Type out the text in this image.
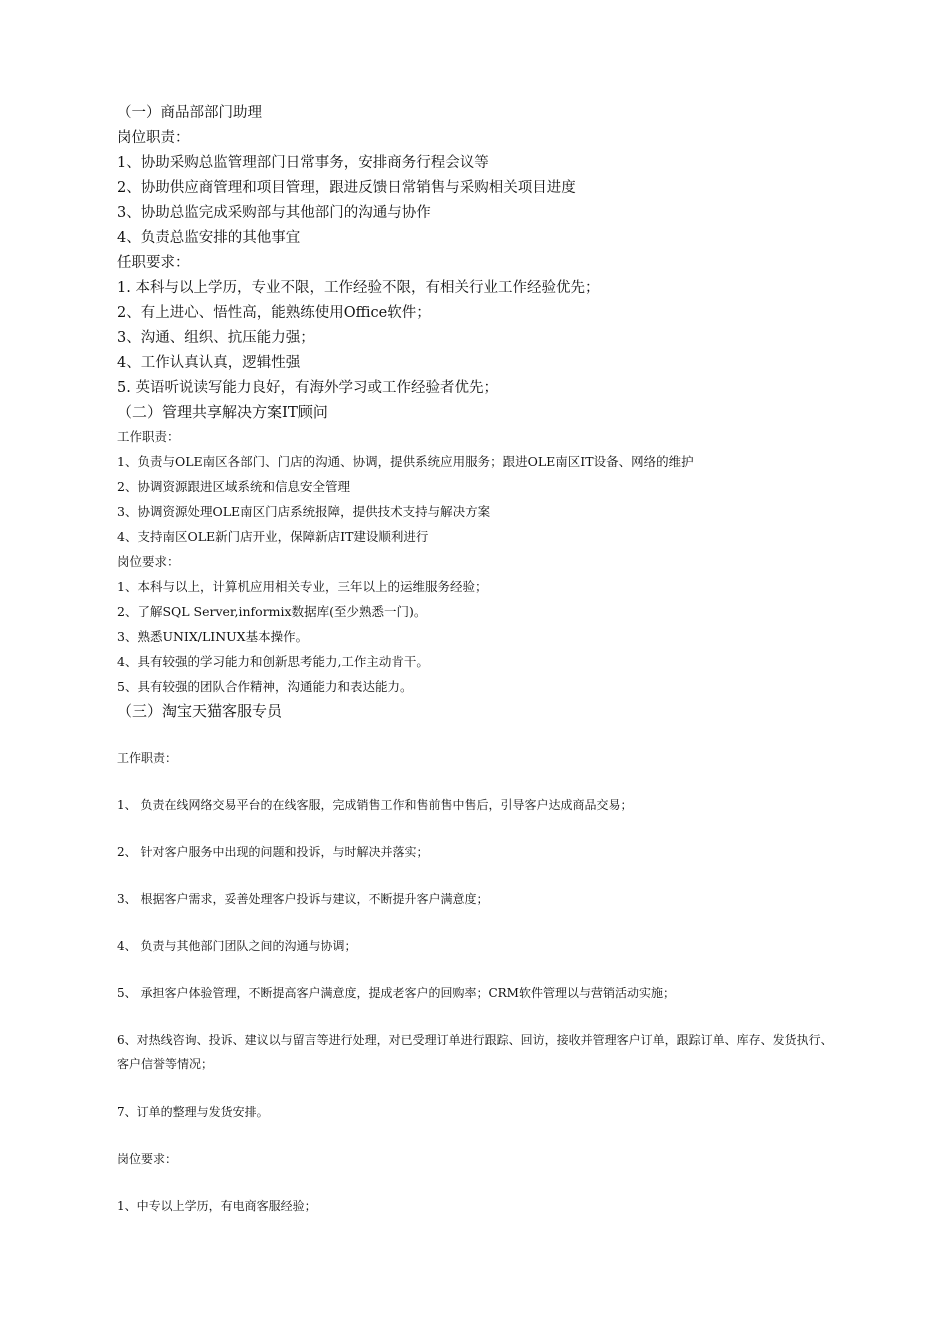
（一）商品部部门助理
岗位职责：
1、协助采购总监管理部门日常事务，安排商务行程会议等
2、协助供应商管理和项目管理，跟进反馈日常销售与采购相关项目进度
3、协助总监完成采购部与其他部门的沟通与协作
4、负责总监安排的其他事宜
任职要求：
1. 本科与以上学历，专业不限，工作经验不限，有相关行业工作经验优先；
2、有上进心、悟性高，能熟练使用Office软件；
3、沟通、组织、抗压能力强；
4、工作认真认真，逻辑性强
5. 英语听说读写能力良好，有海外学习或工作经验者优先；
（二）管理共享解决方案IT顾问
工作职责：
1、负责与OLE南区各部门、门店的沟通、协调，提供系统应用服务；跟进OLE南区IT设备、网络的维护
2、协调资源跟进区域系统和信息安全管理
3、协调资源处理OLE南区门店系统报障，提供技术支持与解决方案
4、支持南区OLE新门店开业，保障新店IT建设顺利进行
岗位要求：
1、本科与以上，计算机应用相关专业，三年以上的运维服务经验；
2、了解SQL Server,informix数据库(至少熟悉一门)。
3、熟悉UNIX/LINUX基本操作。
4、具有较强的学习能力和创新思考能力,工作主动肯干。
5、具有较强的团队合作精神，沟通能力和表达能力。
（三）淘宝天猫客服专员
工作职责：
1、 负责在线网络交易平台的在线客服，完成销售工作和售前售中售后，引导客户达成商品交易；
2、 针对客户服务中出现的问题和投诉，与时解决并落实；
3、 根据客户需求，妥善处理客户投诉与建议，不断提升客户满意度；
4、 负责与其他部门团队之间的沟通与协调；
5、 承担客户体验管理，不断提高客户满意度，提成老客户的回购率；CRM软件管理以与营销活动实施；
6、对热线咨询、投诉、建议以与留言等进行处理，对已受理订单进行跟踪、回访，接收并管理客户订单，跟踪订单、库存、发货执行、客户信誉等情况；
7、订单的整理与发货安排。
岗位要求：
1、中专以上学历，有电商客服经验；
